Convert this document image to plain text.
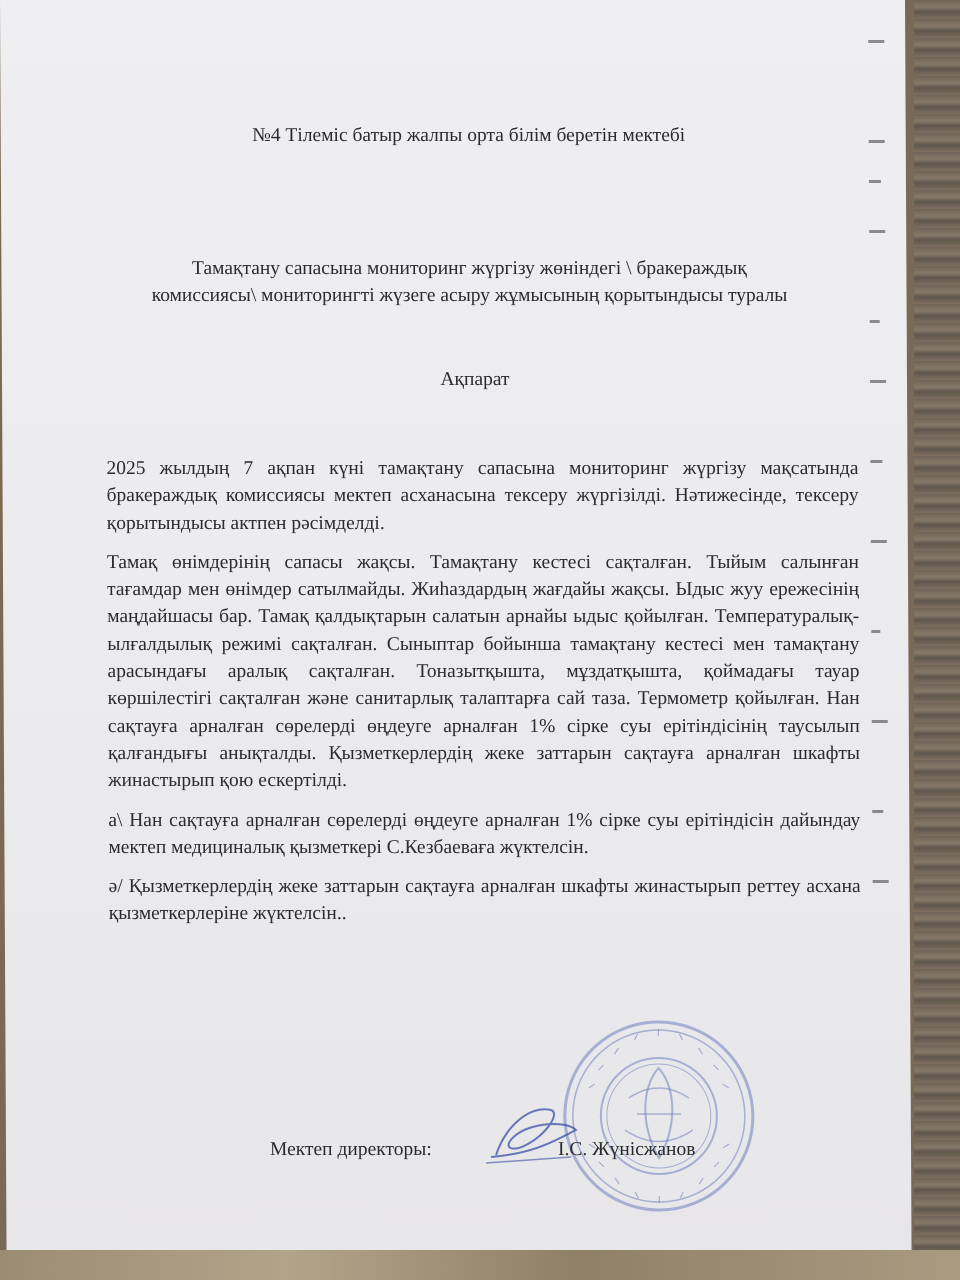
№4 Тілеміс батыр жалпы орта білім беретін мектебі
Тамақтану сапасына мониторинг жүргізу жөніндегі \ бракераждық
комиссиясы\ мониторингті жүзеге асыру жұмысының қорытындысы туралы
Ақпарат

2025 жылдың 7 ақпан күні тамақтану сапасына мониторинг жүргізу мақсатында бракераждық комиссиясы мектеп асханасына тексеру жүргізілді. Нәтижесінде, тексеру қорытындысы актпен рәсімделді.

Тамақ өнімдерінің сапасы жақсы. Тамақтану кестесі сақталған. Тыйым салынған тағамдар мен өнімдер сатылмайды. Жиһаздардың жағдайы жақсы. Ыдыс жуу ережесінің маңдайшасы бар. Тамақ қалдықтарын салатын арнайы ыдыс қойылған. Температуралық-ылғалдылық режимі сақталған. Сыныптар бойынша тамақтану кестесі мен тамақтану арасындағы аралық сақталған. Тоназытқышта, мұздатқышта, қоймадағы тауар көршілестігі сақталған және санитарлық талаптарға сай таза. Термометр қойылған. Нан сақтауға арналған сөрелерді өңдеуге арналған 1% сірке суы ерітіндісінің таусылып қалғандығы анықталды. Қызметкерлердің жеке заттарын сақтауға арналған шкафты жинастырып қою ескертілді.

а\ Нан сақтауға арналған сөрелерді өңдеуге арналған 1% сірке суы ерітіндісін дайындау мектеп медициналық қызметкері С.Кезбаеваға жүктелсін.

ә/ Қызметкерлердің жеке заттарын сақтауға арналған шкафты жинастырып реттеу асхана қызметкерлеріне жүктелсін..

Мектеп директоры:	І.С. Жүнісжанов
